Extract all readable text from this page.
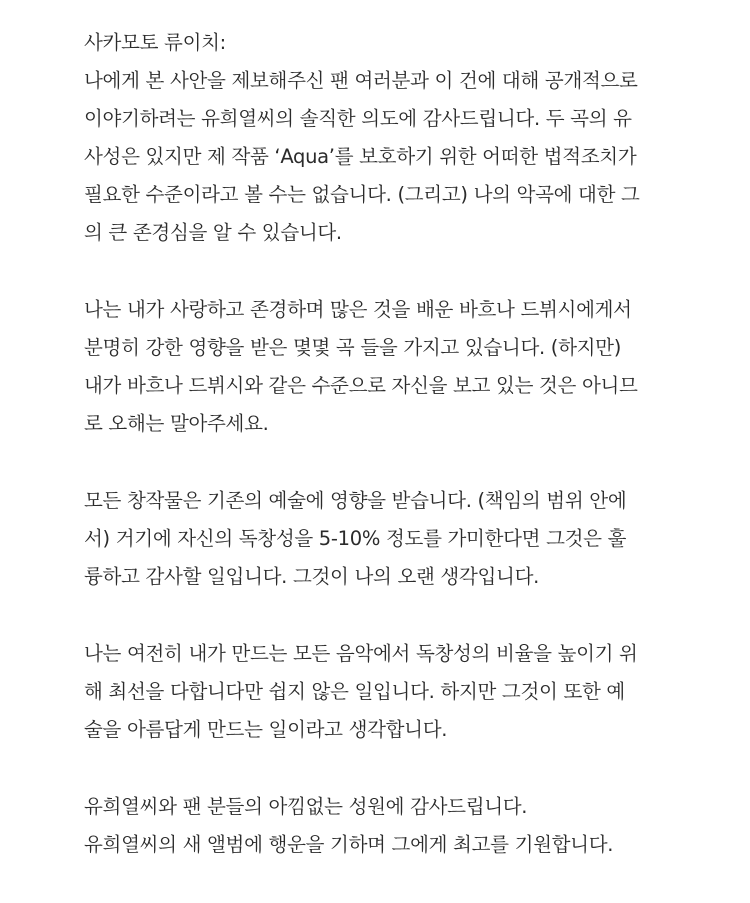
사카모토 류이치:
나에게 본 사안을 제보해주신 팬 여러분과 이 건에 대해 공개적으로
이야기하려는 유희열씨의 솔직한 의도에 감사드립니다. 두 곡의 유
사성은 있지만 제 작품 ‘Aqua’를 보호하기 위한 어떠한 법적조치가
필요한 수준이라고 볼 수는 없습니다. (그리고) 나의 악곡에 대한 그
의 큰 존경심을 알 수 있습니다.
나는 내가 사랑하고 존경하며 많은 것을 배운 바흐나 드뷔시에게서
분명히 강한 영향을 받은 몇몇 곡 들을 가지고 있습니다. (하지만)
내가 바흐나 드뷔시와 같은 수준으로 자신을 보고 있는 것은 아니므
로 오해는 말아주세요.
모든 창작물은 기존의 예술에 영향을 받습니다. (책임의 범위 안에
서) 거기에 자신의 독창성을 5-10% 정도를 가미한다면 그것은 훌
륭하고 감사할 일입니다. 그것이 나의 오랜 생각입니다.
나는 여전히 내가 만드는 모든 음악에서 독창성의 비율을 높이기 위
해 최선을 다합니다만 쉽지 않은 일입니다. 하지만 그것이 또한 예
술을 아름답게 만드는 일이라고 생각합니다.
유희열씨와 팬 분들의 아낌없는 성원에 감사드립니다.
유희열씨의 새 앨범에 행운을 기하며 그에게 최고를 기원합니다.
